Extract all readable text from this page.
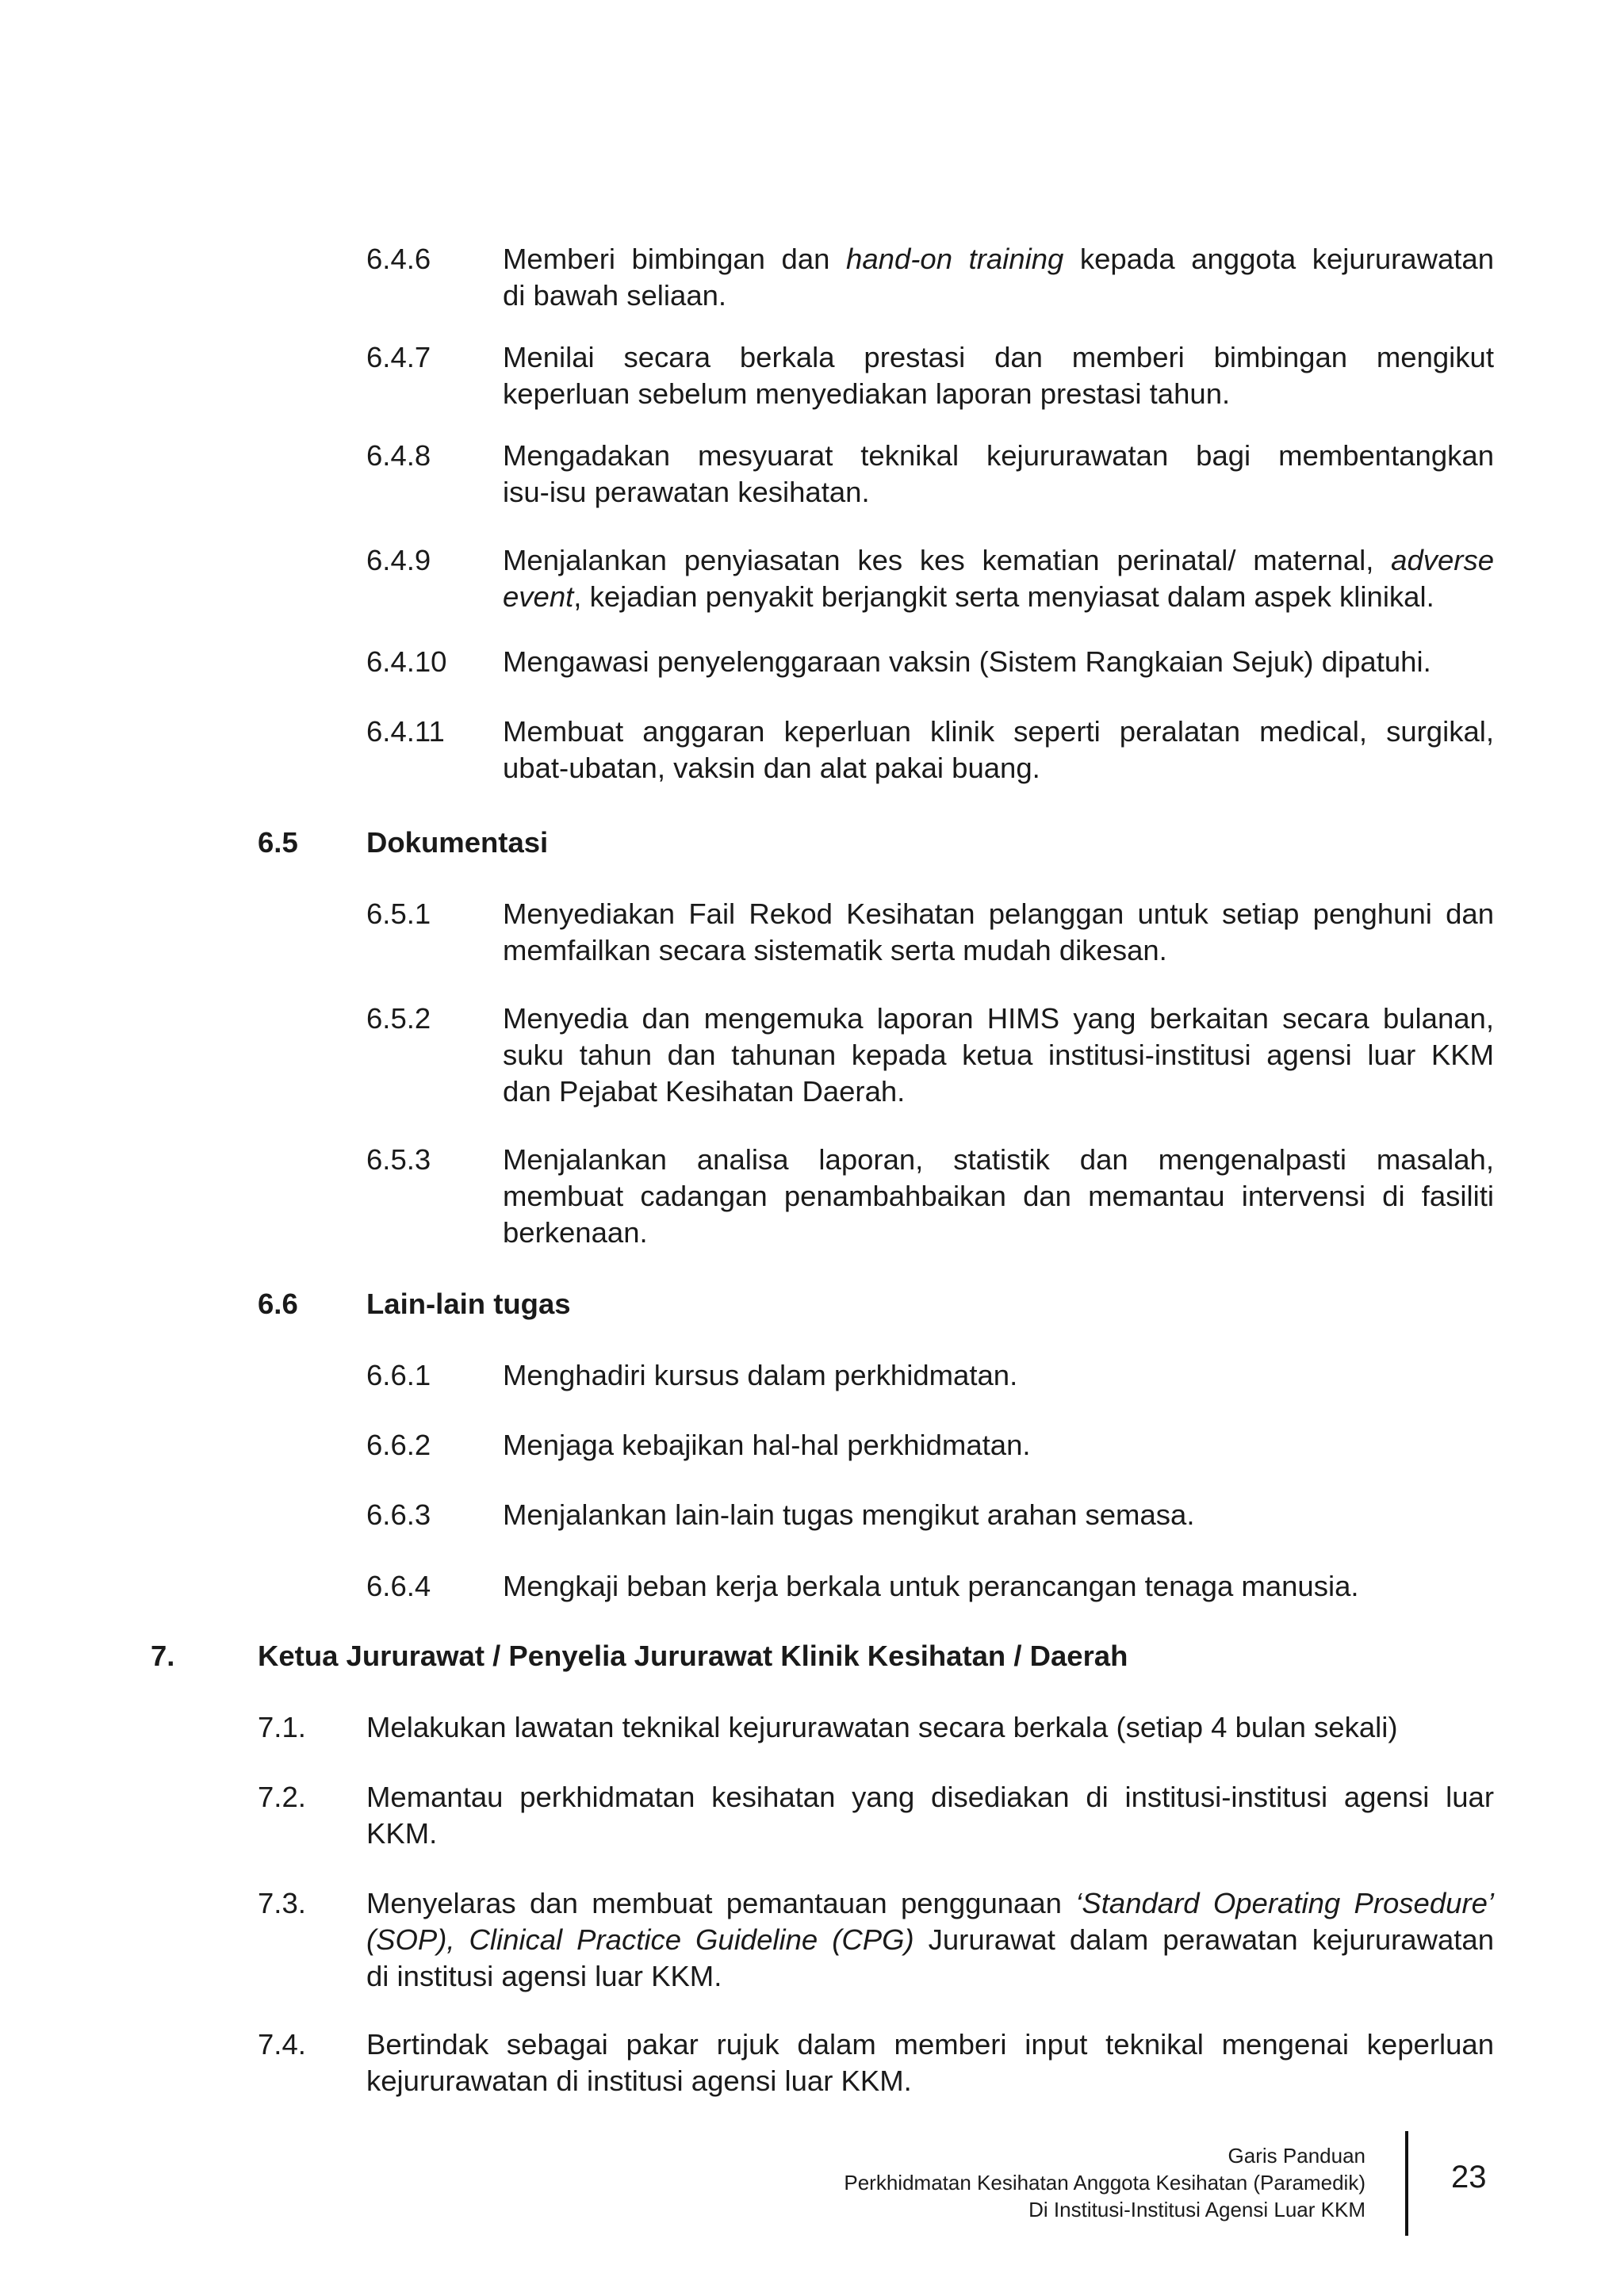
6.4.6 Memberi bimbingan dan hand-on training kepada anggota kejururawatan
di bawah seliaan.
6.4.7 Menilai secara berkala prestasi dan memberi bimbingan mengikut
keperluan sebelum menyediakan laporan prestasi tahun.
6.4.8 Mengadakan mesyuarat teknikal kejururawatan bagi membentangkan
isu-isu perawatan kesihatan.
6.4.9 Menjalankan penyiasatan kes kes kematian perinatal/ maternal, adverse
event, kejadian penyakit berjangkit serta menyiasat dalam aspek klinikal.
6.4.10 Mengawasi penyelenggaraan vaksin (Sistem Rangkaian Sejuk) dipatuhi.
6.4.11 Membuat anggaran keperluan klinik seperti peralatan medical, surgikal,
ubat-ubatan, vaksin dan alat pakai buang.
6.5 Dokumentasi
6.5.1 Menyediakan Fail Rekod Kesihatan pelanggan untuk setiap penghuni dan
memfailkan secara sistematik serta mudah dikesan.
6.5.2 Menyedia dan mengemuka laporan HIMS yang berkaitan secara bulanan,
suku tahun dan tahunan kepada ketua institusi-institusi agensi luar KKM
dan Pejabat Kesihatan Daerah.
6.5.3 Menjalankan analisa laporan, statistik dan mengenalpasti masalah,
membuat cadangan penambahbaikan dan memantau intervensi di fasiliti
berkenaan.
6.6 Lain-lain tugas
6.6.1 Menghadiri kursus dalam perkhidmatan.
6.6.2 Menjaga kebajikan hal-hal perkhidmatan.
6.6.3 Menjalankan lain-lain tugas mengikut arahan semasa.
6.6.4 Mengkaji beban kerja berkala untuk perancangan tenaga manusia.
7.	Ketua Jururawat / Penyelia Jururawat Klinik Kesihatan / Daerah
7.1. Melakukan lawatan teknikal kejururawatan secara berkala (setiap 4 bulan sekali)
7.2. Memantau perkhidmatan kesihatan yang disediakan di institusi-institusi agensi luar
KKM.
7.3. Menyelaras dan membuat pemantauan penggunaan ‘Standard Operating Prosedure’
(SOP), Clinical Practice Guideline (CPG) Jururawat dalam perawatan kejururawatan
di institusi agensi luar KKM.
7.4. Bertindak sebagai pakar rujuk dalam memberi input teknikal mengenai keperluan
kejururawatan di institusi agensi luar KKM.
Garis Panduan
Perkhidmatan Kesihatan Anggota Kesihatan (Paramedik)
Di Institusi-Institusi Agensi Luar KKM
23
